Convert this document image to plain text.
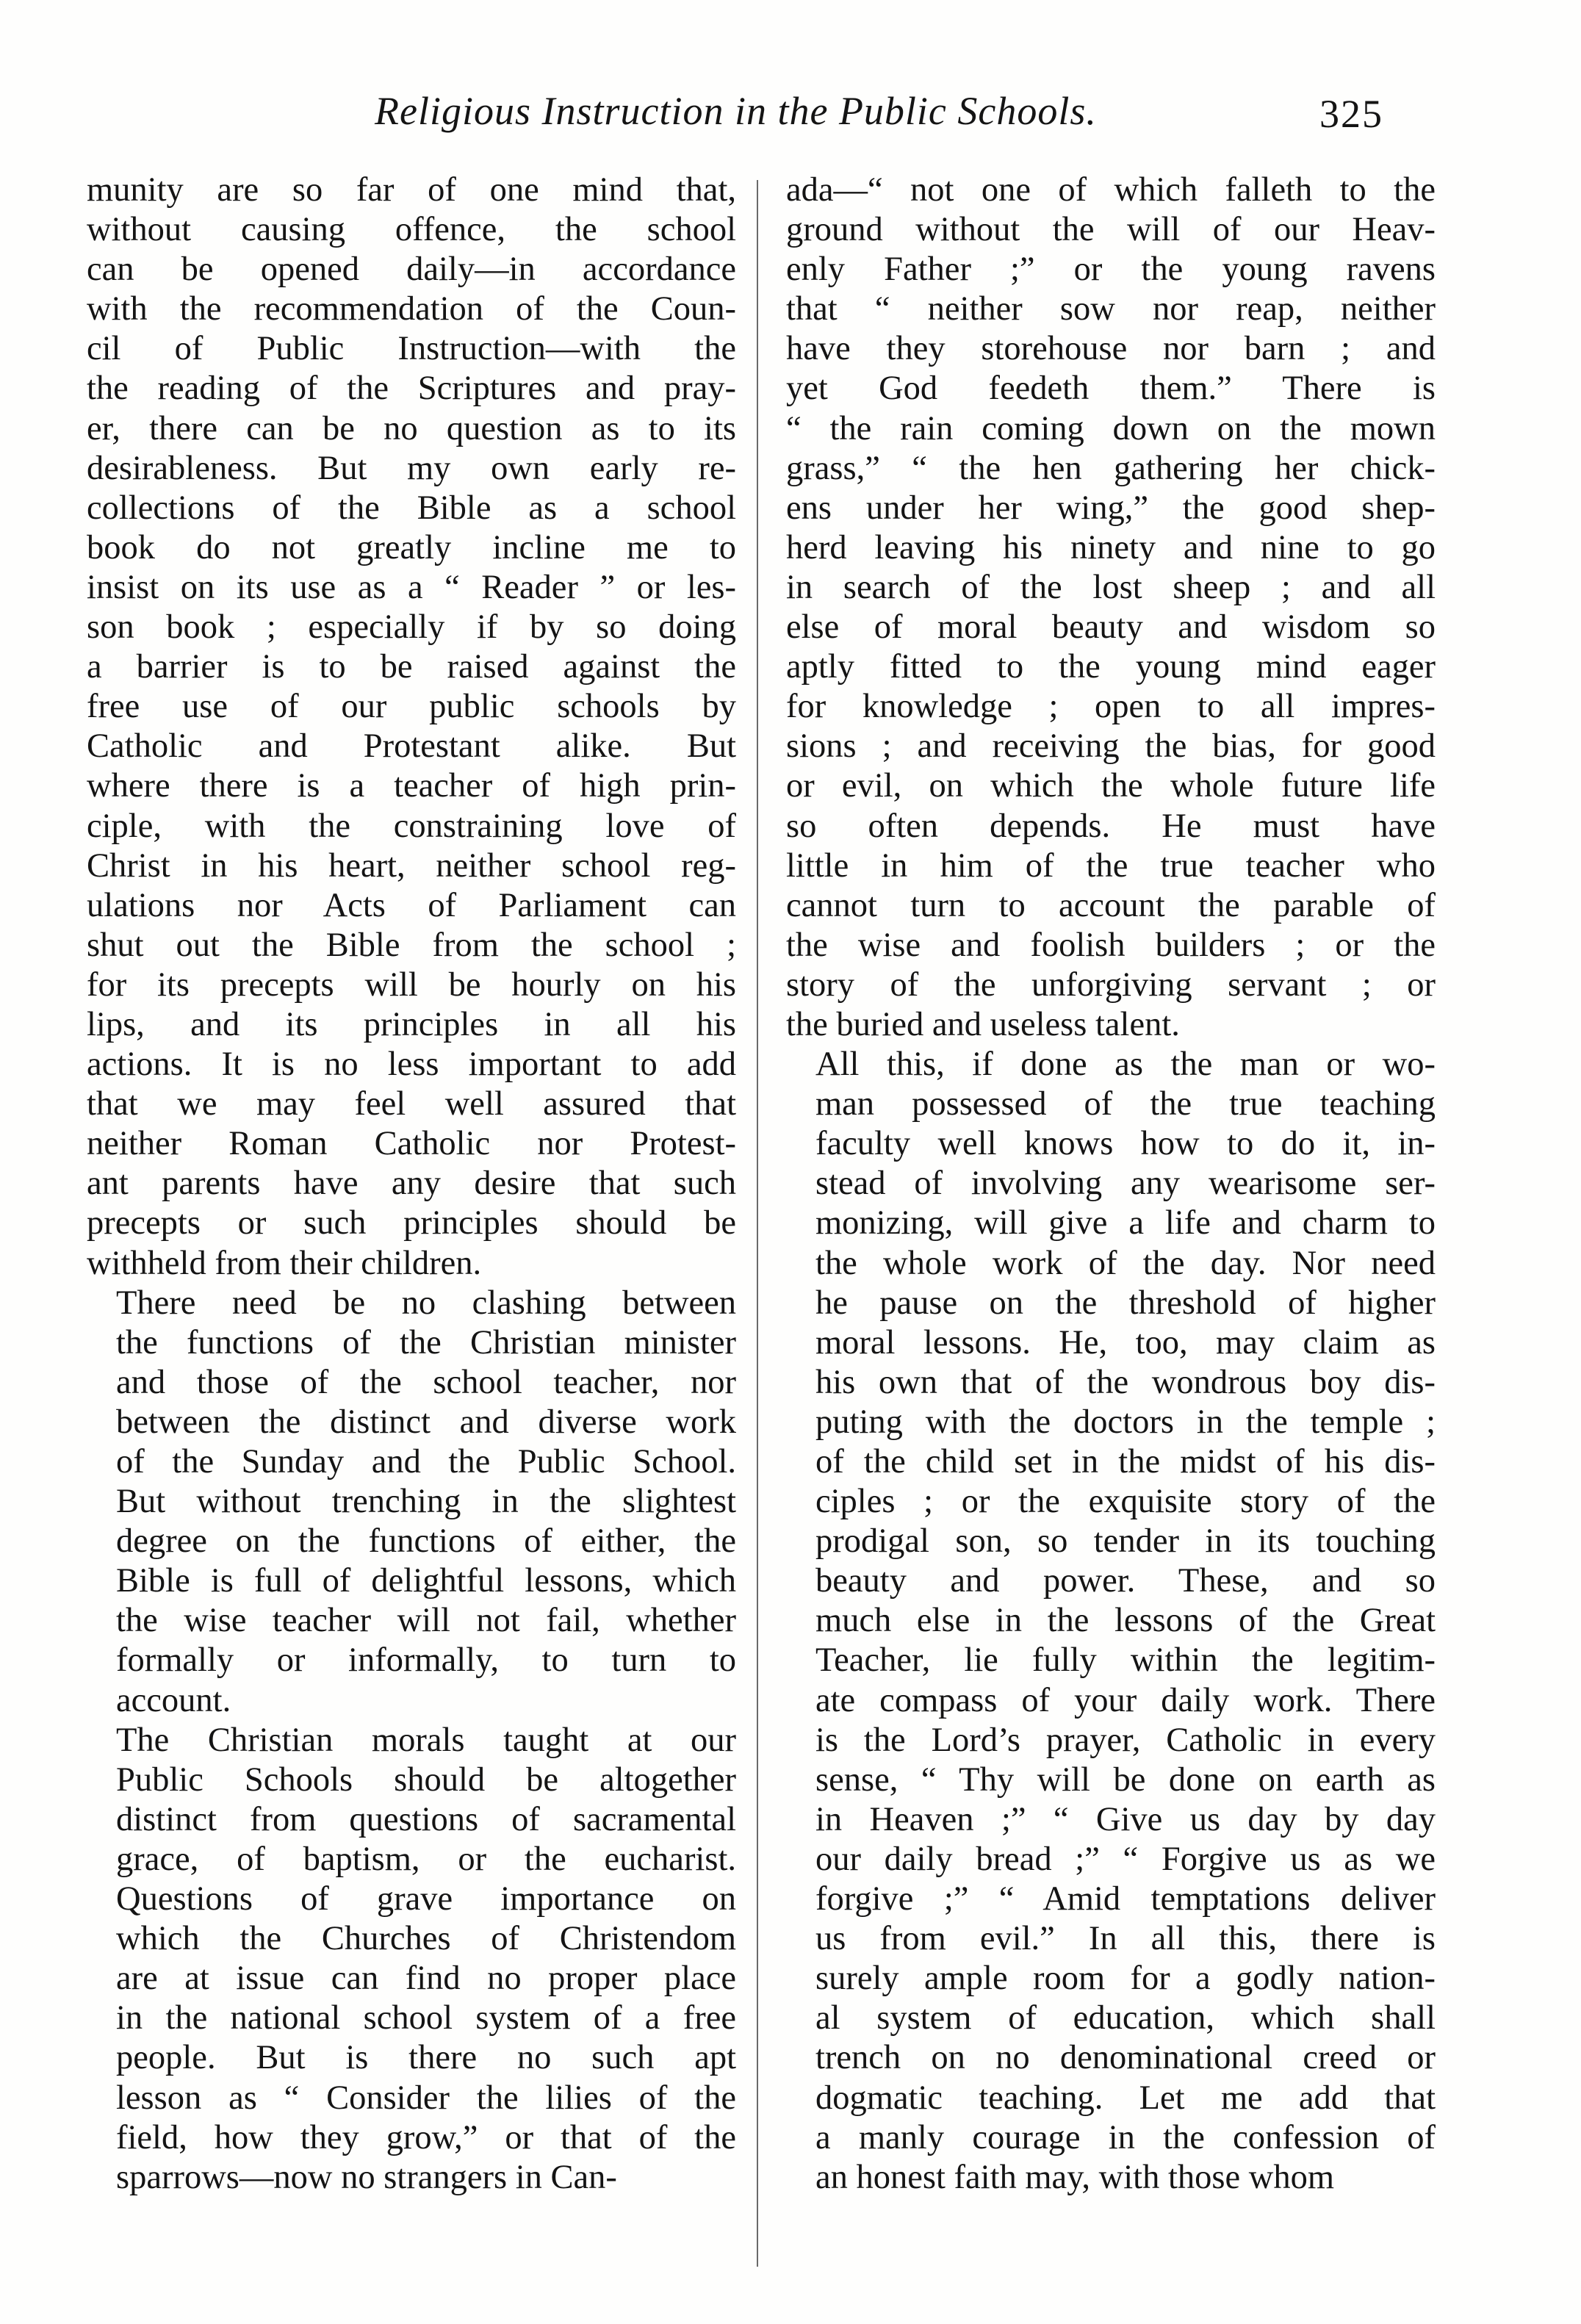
Religious Instruction in the Public Schools.	325

munity are so far of one mind that,
without causing offence, the school
can be opened daily—in accordance
with the recommendation of the Coun-
cil of Public Instruction—with the
the reading of the Scriptures and pray-
er, there can be no question as to its
desirableness. But my own early re-
collections of the Bible as a school
book do not greatly incline me to
insist on its use as a “ Reader ” or les-
son book ; especially if by so doing
a barrier is to be raised against the
free use of our public schools by
Catholic and Protestant alike. But
where there is a teacher of high prin-
ciple, with the constraining love of
Christ in his heart, neither school reg-
ulations nor Acts of Parliament can
shut out the Bible from the school ;
for its precepts will be hourly on his
lips, and its principles in all his
actions. It is no less important to add
that we may feel well assured that
neither Roman Catholic nor Protest-
ant parents have any desire that such
precepts or such principles should be
withheld from their children.

There need be no clashing between
the functions of the Christian minister
and those of the school teacher, nor
between the distinct and diverse work
of the Sunday and the Public School.
But without trenching in the slightest
degree on the functions of either, the
Bible is full of delightful lessons, which
the wise teacher will not fail, whether
formally or informally, to turn to
account.

The Christian morals taught at our
Public Schools should be altogether
distinct from questions of sacramental
grace, of baptism, or the eucharist.
Questions of grave importance on
which the Churches of Christendom
are at issue can find no proper place
in the national school system of a free
people. But is there no such apt
lesson as “ Consider the lilies of the
field, how they grow,” or that of the
sparrows—now no strangers in Can-

ada—“ not one of which falleth to the
ground without the will of our Heav-
enly Father ;” or the young ravens
that “ neither sow nor reap, neither
have they storehouse nor barn ; and
yet God feedeth them.” There is
“ the rain coming down on the mown
grass,” “ the hen gathering her chick-
ens under her wing,” the good shep-
herd leaving his ninety and nine to go
in search of the lost sheep ; and all
else of moral beauty and wisdom so
aptly fitted to the young mind eager
for knowledge ; open to all impres-
sions ; and receiving the bias, for good
or evil, on which the whole future life
so often depends. He must have
little in him of the true teacher who
cannot turn to account the parable of
the wise and foolish builders ; or the
story of the unforgiving servant ; or
the buried and useless talent.

All this, if done as the man or wo-
man possessed of the true teaching
faculty well knows how to do it, in-
stead of involving any wearisome ser-
monizing, will give a life and charm to
the whole work of the day. Nor need
he pause on the threshold of higher
moral lessons. He, too, may claim as
his own that of the wondrous boy dis-
puting with the doctors in the temple ;
of the child set in the midst of his dis-
ciples ; or the exquisite story of the
prodigal son, so tender in its touching
beauty and power. These, and so
much else in the lessons of the Great
Teacher, lie fully within the legitim-
ate compass of your daily work. There
is the Lord’s prayer, Catholic in every
sense, “ Thy will be done on earth as
in Heaven ;” “ Give us day by day
our daily bread ;” “ Forgive us as we
forgive ;” “ Amid temptations deliver
us from evil.” In all this, there is
surely ample room for a godly nation-
al system of education, which shall
trench on no denominational creed or
dogmatic teaching. Let me add that
a manly courage in the confession of
an honest faith may, with those whom
